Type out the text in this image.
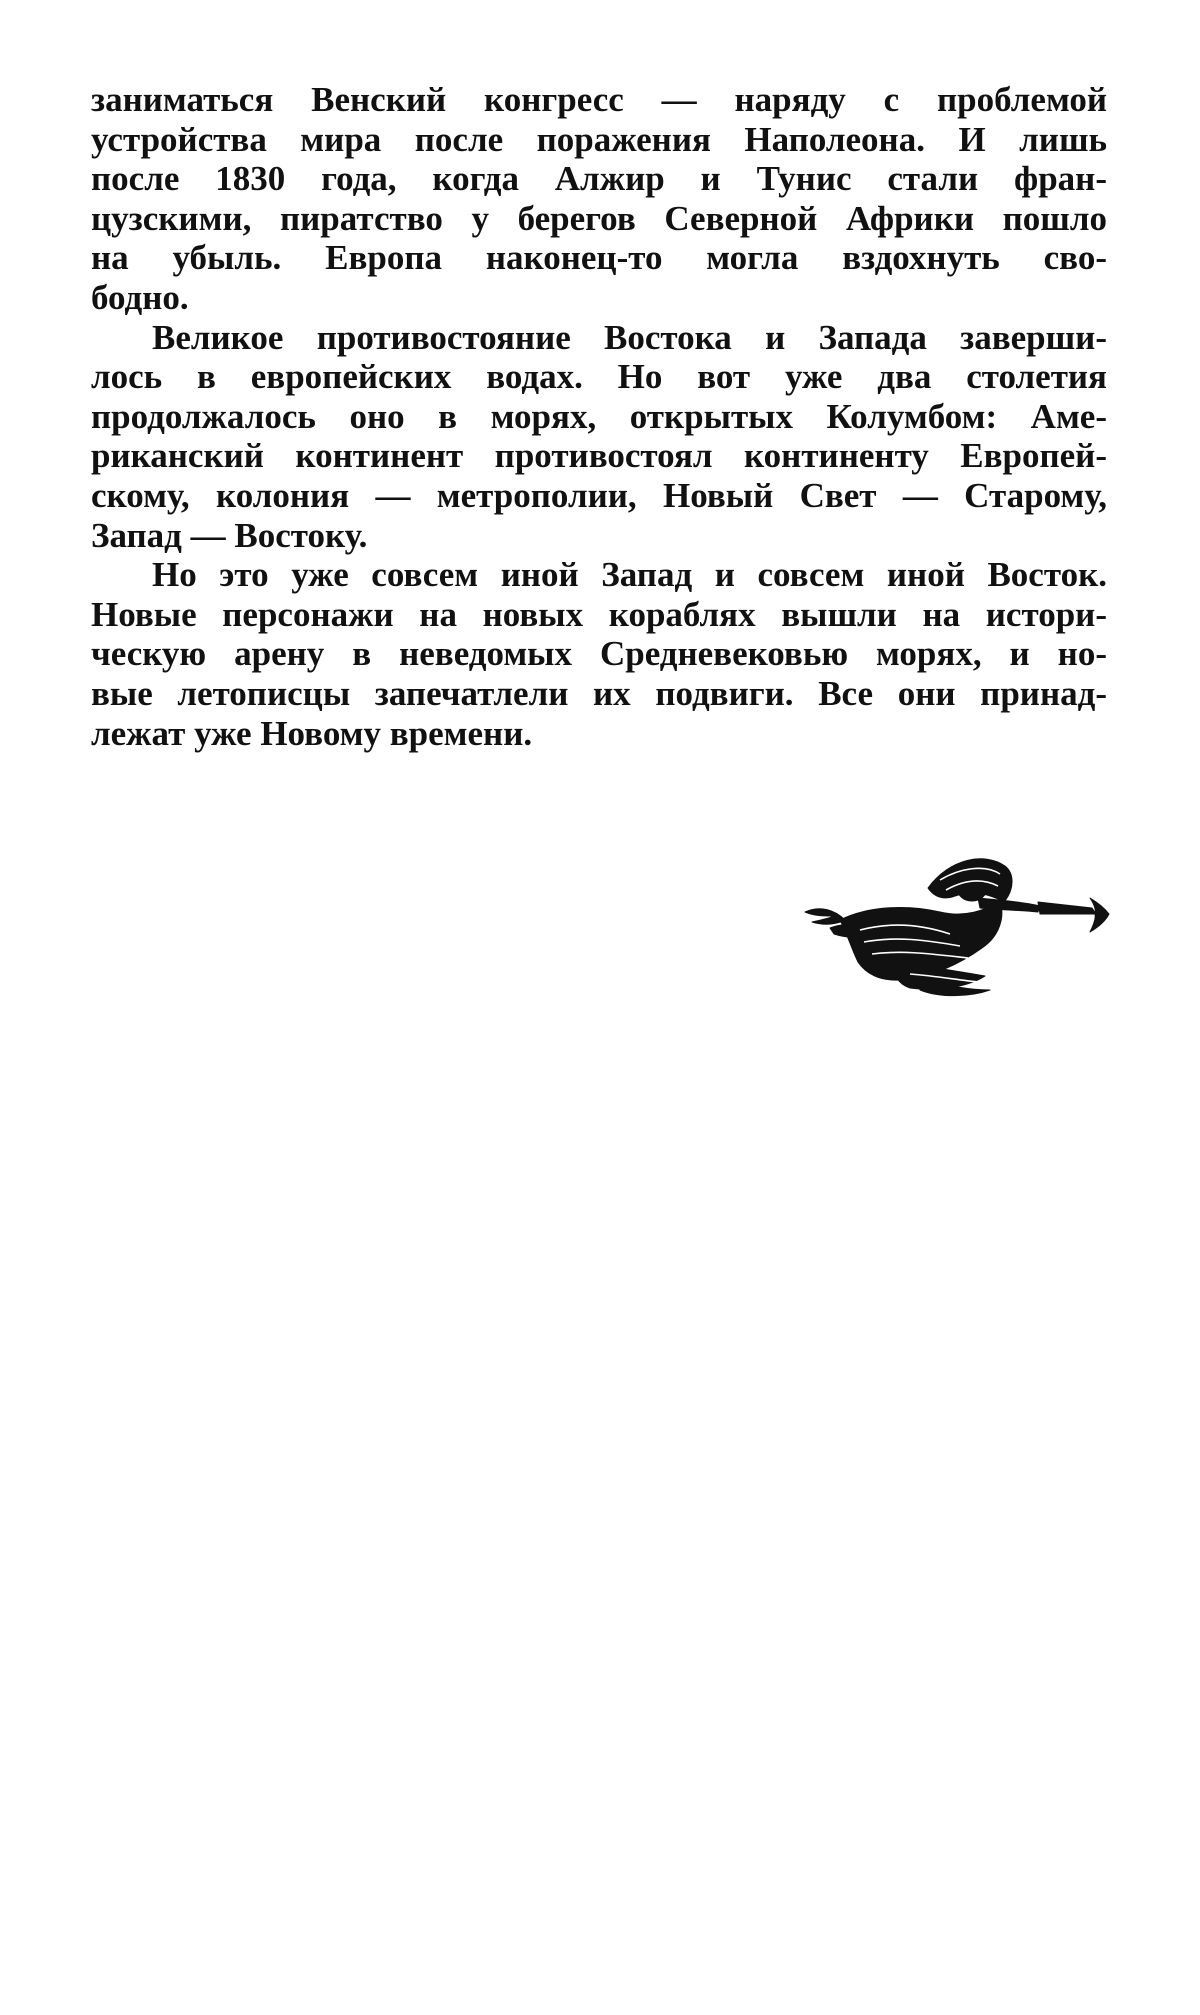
заниматься Венский конгресс — наряду с проблемой
устройства мира после поражения Наполеона. И лишь
после 1830 года, когда Алжир и Тунис стали фран-
цузскими, пиратство у берегов Северной Африки пошло
на убыль. Европа наконец-то могла вздохнуть сво-
бодно.
Великое противостояние Востока и Запада заверши-
лось в европейских водах. Но вот уже два столетия
продолжалось оно в морях, открытых Колумбом: Аме-
риканский континент противостоял континенту Европей-
скому, колония — метрополии, Новый Свет — Старому,
Запад — Востоку.
Но это уже совсем иной Запад и совсем иной Восток.
Новые персонажи на новых кораблях вышли на истори-
ческую арену в неведомых Средневековью морях, и но-
вые летописцы запечатлели их подвиги. Все они принад-
лежат уже Новому времени.
